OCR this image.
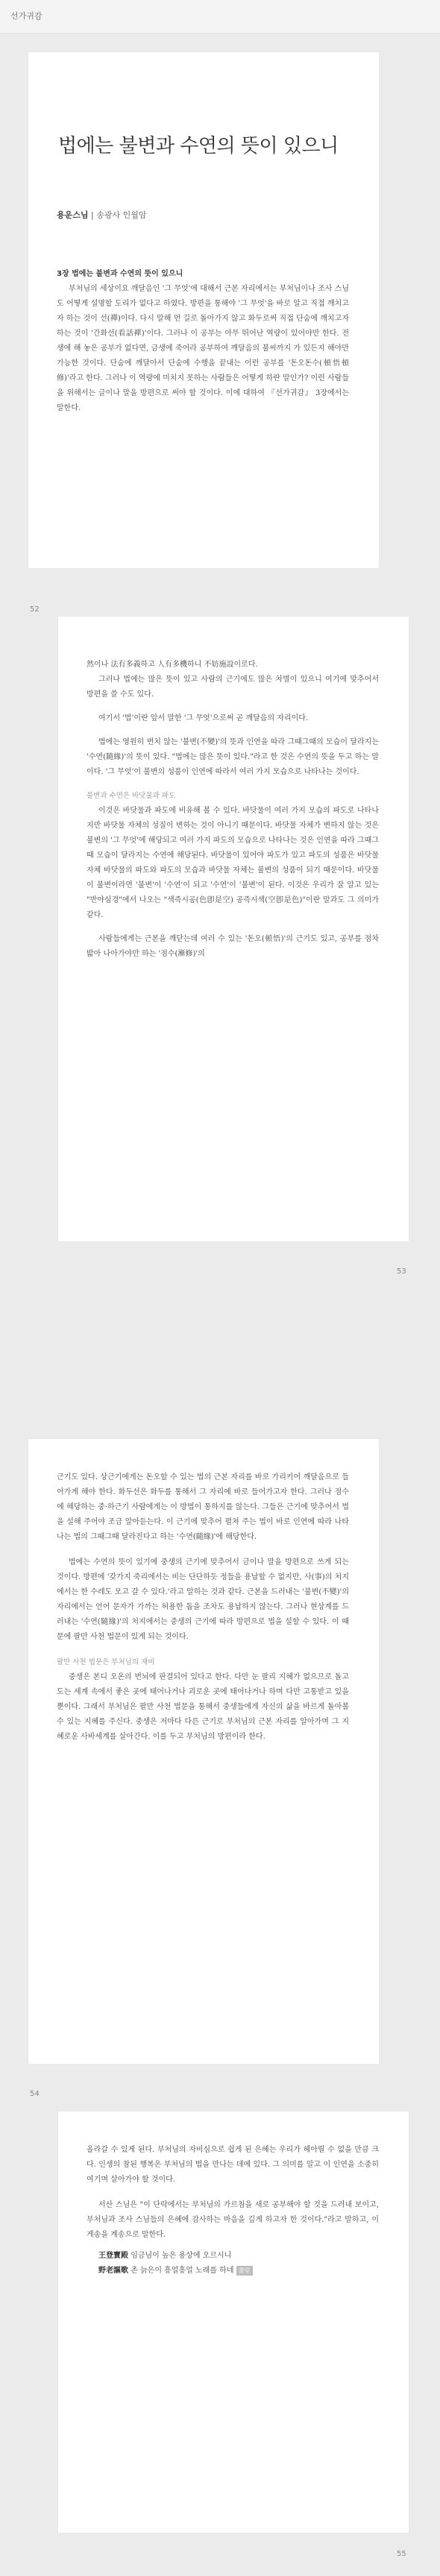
선가귀감
법에는 불변과 수연의 뜻이 있으니
용운스님 | 송광사 인월암

3장 법에는 불변과 수연의 뜻이 있으니

부처님의 세상이요 깨달음인 '그 무엇'에 대해서 근본 자리에서는 부처님이나 조사 스님도 어떻게 설명할 도리가 없다고 하였다. 방편을 통해야 '그 무엇'을 바로 알고 직접 깨치고자 하는 것이 선(禪)이다. 다시 말해 먼 길로 돌아가지 않고 화두로써 직접 단숨에 깨치고자 하는 것이 '간화선(看話禪)'이다. 그러나 이 공부는 아무 뛰어난 역량이 있어야만 한다. 전생에 해 놓은 공부가 없다면, 금생에 죽어라 공부하여 깨달음의 불씨까지 가 있든지 해야만 가능한 것이다. 단숨에 깨달아서 단숨에 수행을 끝내는 이런 공부를 '돈오돈수(頓悟頓修)'라고 한다. 그러나 이 역량에 미치지 못하는 사람들은 어떻게 하란 말인가? 이런 사람들을 위해서는 글이나 말을 방편으로 써야 할 것이다. 이에 대하여 『선가귀감』 3장에서는 말한다.

52

然이나 法有多義하고 人有多機하니 不妨施設이로다.

그러나 법에는 많은 뜻이 있고 사람의 근기에도 많은 차별이 있으니 여기에 맞추어서 방편을 쓸 수도 있다.

여기서 '법'이란 앞서 말한 '그 무엇'으로써 곧 깨달음의 자리이다.

법에는 영원히 변치 않는 '불변(不變)'의 뜻과 인연을 따라 그때그때의 모습이 달라지는 '수연(隨緣)'의 뜻이 있다. "법에는 많은 뜻이 있다."라고 한 것은 수연의 뜻을 두고 하는 말이다. '그 무엇'이 불변의 성품이 인연에 따라서 여러 가지 모습으로 나타나는 것이다.

불변과 수연은 바닷물과 파도

이것은 바닷물과 파도에 비유해 볼 수 있다. 바닷물이 여러 가지 모습의 파도로 나타나지만 바닷물 자체의 성질이 변하는 것이 아니기 때문이다. 바닷물 자체가 변하지 않는 것은 불변의 '그 무엇'에 해당되고 여러 가지 파도의 모습으로 나타나는 것은 인연을 따라 그때그때 모습이 달라지는 수연에 해당된다. 바닷물이 있어야 파도가 있고 파도의 성품은 바닷물 자체 바닷물의 파도와 파도의 모습과 바닷물 자체는 불변의 성품이 되기 때문이다. 바닷물이 불변이라면 '불변'이 '수연'이 되고 '수연'이 '불변'이 된다. 이것은 우리가 잘 알고 있는 "반야심경"에서 나오는 "색즉시공(色卽是空) 공즉시색(空卽是色)"이란 말과도 그 의미가 같다.

사람들에게는 근본을 깨닫는데 여러 수 있는 '돈오(頓悟)'의 근기도 있고, 공부를 점차 밟아 나아가야만 하는 '점수(漸修)'의

53

근기도 있다. 상근기에게는 돈오할 수 있는 법의 근본 자리를 바로 가리키어 깨달음으로 들어가게 해야 한다. 화두선은 화두를 통해서 그 자리에 바로 들어가고자 한다. 그러나 점수에 해당하는 중·하근기 사람에게는 이 방법이 통하지를 않는다. 그들은 근기에 맞추어서 법을 설해 주어야 조금 알아듣는다. 이 근기에 맞추어 펼쳐 주는 법이 바로 인연에 따라 나타나는 법의 그때그때 달라진다고 하는 '수연(隨緣)'에 해당한다.

법에는 수연의 뜻이 있기에 중생의 근기에 맞추어서 금이나 말을 방편으로 쓰게 되는 것이다. 방편에 '갖가지 죽리에서는 비는 단단하듯 정들을 용납할 수 없지만, 사(事)의 처지에서는 한 수레도 모고 갈 수 있다.'라고 말하는 것과 같다. 근본을 드러내는 '불변(不變)'의 자리에서는 언어 문자가 가까는 허용한 돕을 조차도 용납하지 않는다. 그러나 현상계를 드러내는 '수연(隨緣)'의 처지에서는 중생의 근기에 따라 방편으로 법을 설할 수 있다. 이 때문에 팔만 사천 법문이 있게 되는 것이다.

팔만 사천 법문은 부처님의 재비

중생은 본디 오온의 번뇌에 판결되어 있다고 한다. 다만 눈 팔리 지혜가 없으므로 돌고 도는 세계 속에서 좋은 곳에 태어나거나 괴로운 곳에 태어나거나 하며 다만 고통받고 있을 뿐이다. 그래서 부처님은 팔만 사천 법문을 통해서 중생들에게 자신의 삶을 바르게 돌아볼 수 있는 지혜를 주신다. 중생은 저마다 다른 근기로 부처님의 근본 자리를 알아가며 그 지혜로운 사바세계를 살아간다. 이를 두고 부처님의 방편이라 한다.

54

올라갈 수 있게 된다. 부처님의 자비심으로 쉽게 된 은혜는 우리가 헤아릴 수 없을 만큼 크다. 인생의 참된 행복은 부처님의 법을 만나는 데에 있다. 그 의미를 알고 이 인연을 소중히 여기며 살아가야 할 것이다.

서산 스님은 "이 단락에서는 부처님의 가르침을 새로 공부해야 할 것을 드러내 보이고, 부처님과 조사 스님들의 은혜에 감사하는 마음을 깊게 하고자 한 것이다."라고 말하고, 이 게송을 계송으로 말한다.

王登寶殿 임금님이 높은 용상에 오르시니

野老謳歌 촌 늙은이 흥얼흥얼 노래를 하네 書堂

55
